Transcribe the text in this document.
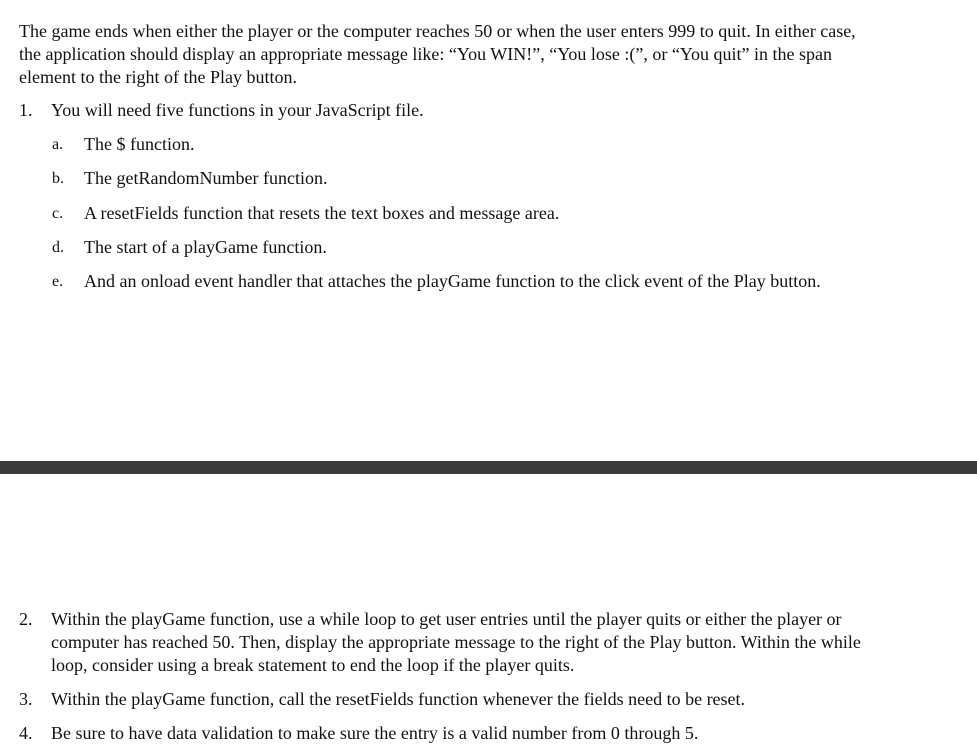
The game ends when either the player or the computer reaches 50 or when the user enters 999 to quit. In either case, the application should display an appropriate message like: “You WIN!”, “You lose :(”, or “You quit” in the span element to the right of the Play button.

1.	You will need five functions in your JavaScript file.
a.	The $ function.
b.	The getRandomNumber function.
c.	A resetFields function that resets the text boxes and message area.
d.	The start of a playGame function.
e.	And an onload event handler that attaches the playGame function to the click event of the Play button.
2.	Within the playGame function, use a while loop to get user entries until the player quits or either the player or computer has reached 50. Then, display the appropriate message to the right of the Play button. Within the while loop, consider using a break statement to end the loop if the player quits.
3.	Within the playGame function, call the resetFields function whenever the fields need to be reset.
4.	Be sure to have data validation to make sure the entry is a valid number from 0 through 5.
